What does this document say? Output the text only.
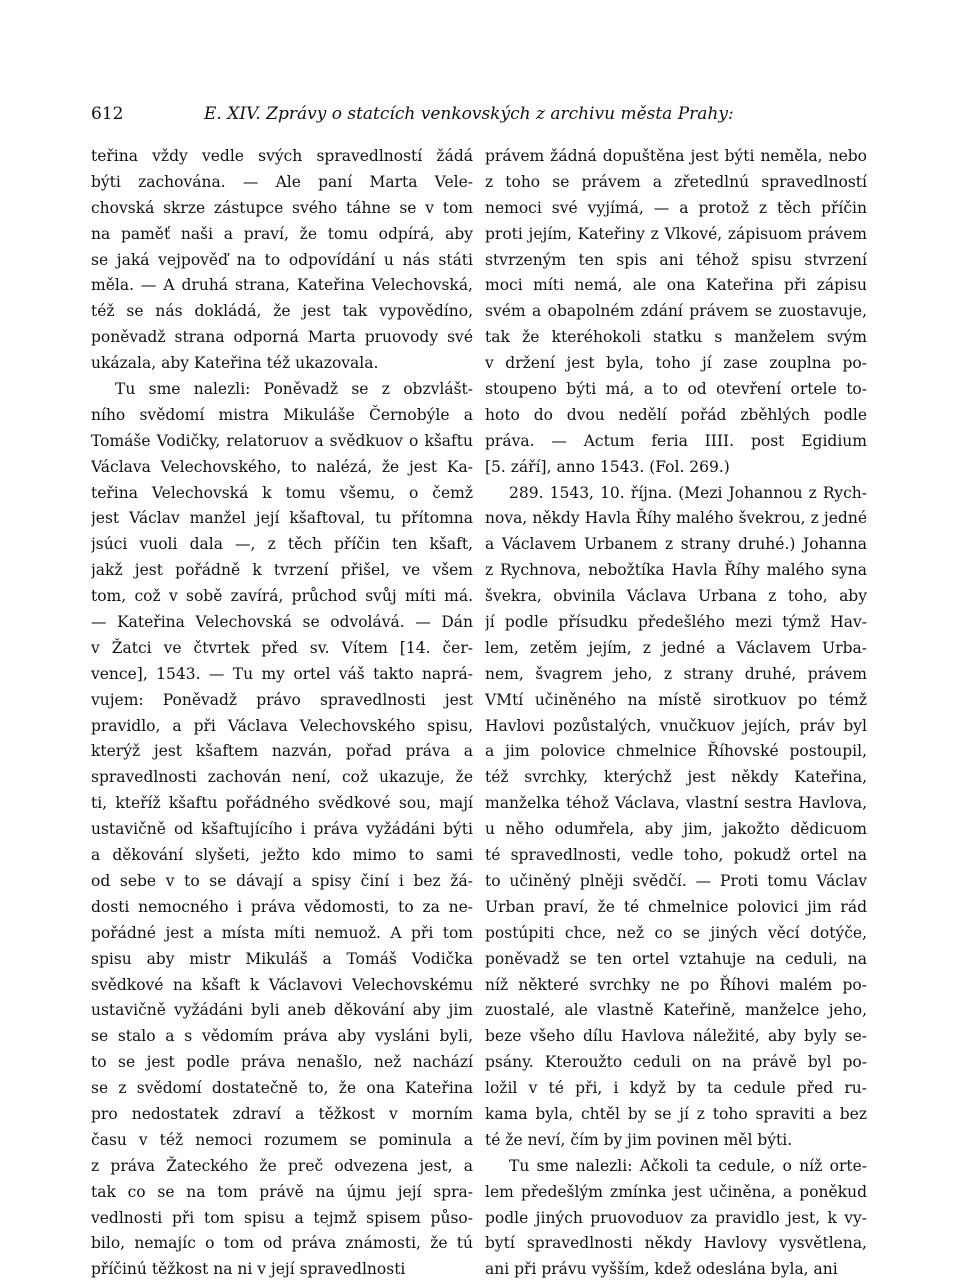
612	E. XIV. Zprávy o statcích venkovských z archivu města Prahy:
teřina vždy vedle svých spravedlností žádá
býti zachována. — Ale paní Marta Vele-
chovská skrze zástupce svého táhne se v tom
na paměť naši a praví, že tomu odpírá, aby
se jaká vejpověď na to odpovídání u nás státi
měla. — A druhá strana, Kateřina Velechovská,
též se nás dokládá, že jest tak vypovědíno,
poněvadž strana odporná Marta pruovody své
ukázala, aby Kateřina též ukazovala.
Tu sme nalezli: Poněvadž se z obzvlášt-
ního svědomí mistra Mikuláše Černobýle a
Tomáše Vodičky, relatoruov a svědkuov o kšaftu
Václava Velechovského, to nalézá, že jest Ka-
teřina Velechovská k tomu všemu, o čemž
jest Václav manžel její kšaftoval, tu přítomna
jsúci vuoli dala —, z těch příčin ten kšaft,
jakž jest pořádně k tvrzení přišel, ve všem
tom, což v sobě zavírá, průchod svůj míti má.
— Kateřina Velechovská se odvolává. — Dán
v Žatci ve čtvrtek před sv. Vítem [14. čer-
vence], 1543. — Tu my ortel váš takto naprá-
vujem: Poněvadž právo spravedlnosti jest
pravidlo, a při Václava Velechovského spisu,
kterýž jest kšaftem nazván, pořad práva a
spravedlnosti zachován není, což ukazuje, že
ti, kteříž kšaftu pořádného svědkové sou, mají
ustavičně od kšaftujícího i práva vyžádáni býti
a děkování slyšeti, ježto kdo mimo to sami
od sebe v to se dávají a spisy činí i bez žá-
dosti nemocného i práva vědomosti, to za ne-
pořádné jest a místa míti nemuož. A při tom
spisu aby mistr Mikuláš a Tomáš Vodička
svědkové na kšaft k Václavovi Velechovskému
ustavičně vyžádáni byli aneb děkování aby jim
se stalo a s vědomím práva aby vysláni byli,
to se jest podle práva nenašlo, než nachází
se z svědomí dostatečně to, že ona Kateřina
pro nedostatek zdraví a těžkost v morním
času v též nemoci rozumem se pominula a
z práva Žateckého že preč odvezena jest, a
tak co se na tom právě na újmu její spra-
vedlnosti při tom spisu a tejmž spisem půso-
bilo, nemajíc o tom od práva známosti, že tú
příčinú těžkost na ni v její spravedlnosti
právem žádná dopuštěna jest býti neměla, nebo
z toho se právem a zřetedlnú spravedlností
nemoci své vyjímá, — a protož z těch příčin
proti jejím, Kateřiny z Vlkové, zápisuom právem
stvrzeným ten spis ani téhož spisu stvrzení
moci míti nemá, ale ona Kateřina při zápisu
svém a obapolném zdání právem se zuostavuje,
tak že kteréhokoli statku s manželem svým
v držení jest byla, toho jí zase zouplna po-
stoupeno býti má, a to od otevření ortele to-
hoto do dvou nedělí pořád zběhlých podle
práva. — Actum feria IIII. post Egidium
[5. září], anno 1543. (Fol. 269.)
289. 1543, 10. října. (Mezi Johannou z Rych-
nova, někdy Havla Říhy malého švekrou, z jedné
a Václavem Urbanem z strany druhé.) Johanna
z Rychnova, nebožtíka Havla Říhy malého syna
švekra, obvinila Václava Urbana z toho, aby
jí podle přísudku předešlého mezi týmž Hav-
lem, zetěm jejím, z jedné a Václavem Urba-
nem, švagrem jeho, z strany druhé, právem
VMtí učiněného na místě sirotkuov po témž
Havlovi pozůstalých, vnučkuov jejích, práv byl
a jim polovice chmelnice Říhovské postoupil,
též svrchky, kterýchž jest někdy Kateřina,
manželka téhož Václava, vlastní sestra Havlova,
u něho odumřela, aby jim, jakožto dědicuom
té spravedlnosti, vedle toho, pokudž ortel na
to učiněný plněji svědčí. — Proti tomu Václav
Urban praví, že té chmelnice polovici jim rád
postúpiti chce, než co se jiných věcí dotýče,
poněvadž se ten ortel vztahuje na ceduli, na
níž některé svrchky ne po Říhovi malém po-
zuostalé, ale vlastně Kateřině, manželce jeho,
beze všeho dílu Havlova náležité, aby byly se-
psány. Kteroužto ceduli on na právě byl po-
ložil v té při, i když by ta cedule před ru-
kama byla, chtěl by se jí z toho spraviti a bez
té že neví, čím by jim povinen měl býti.
Tu sme nalezli: Ačkoli ta cedule, o níž orte-
lem předešlým zmínka jest učiněna, a poněkud
podle jiných pruovoduov za pravidlo jest, k vy-
bytí spravedlnosti někdy Havlovy vysvětlena,
ani při právu vyšším, kdež odeslána byla, ani
